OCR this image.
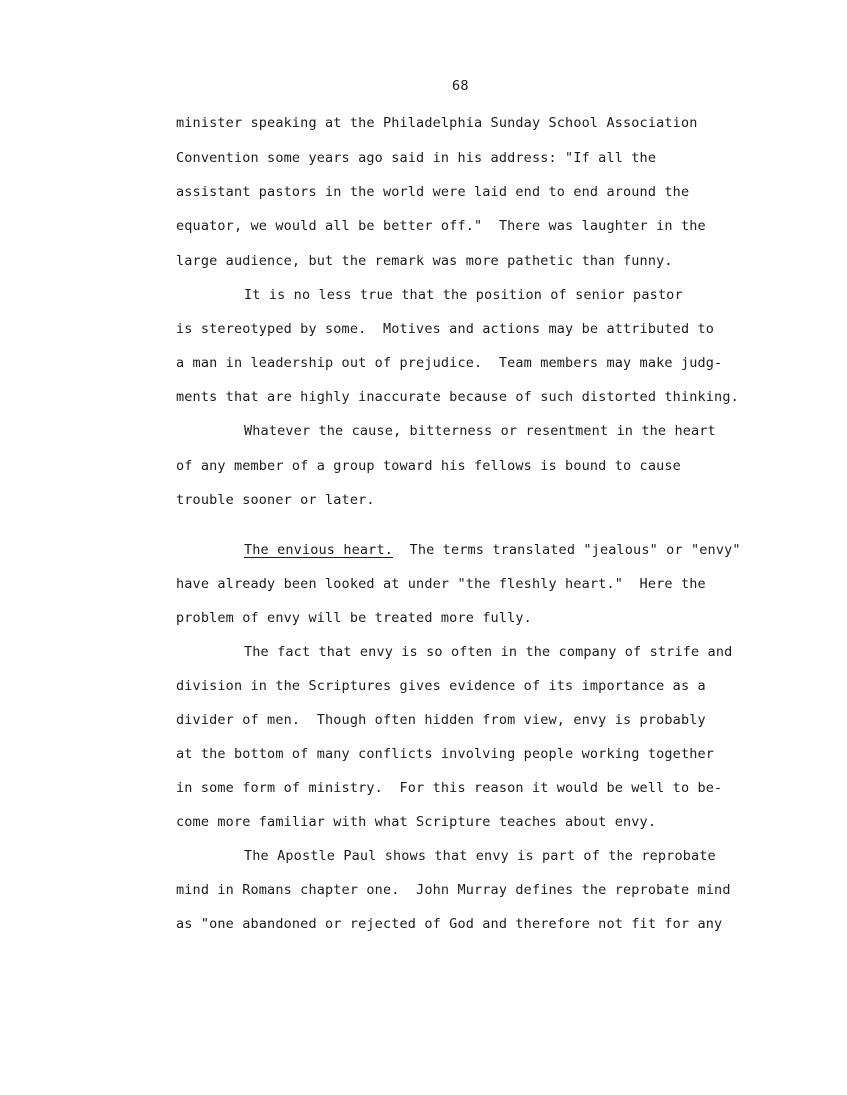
68
minister speaking at the Philadelphia Sunday School Association
Convention some years ago said in his address: "If all the
assistant pastors in the world were laid end to end around the
equator, we would all be better off."  There was laughter in the
large audience, but the remark was more pathetic than funny.
It is no less true that the position of senior pastor
is stereotyped by some.  Motives and actions may be attributed to
a man in leadership out of prejudice.  Team members may make judg-
ments that are highly inaccurate because of such distorted thinking.
Whatever the cause, bitterness or resentment in the heart
of any member of a group toward his fellows is bound to cause
trouble sooner or later.
The envious heart.  The terms translated "jealous" or "envy"
have already been looked at under "the fleshly heart."  Here the
problem of envy will be treated more fully.
The fact that envy is so often in the company of strife and
division in the Scriptures gives evidence of its importance as a
divider of men.  Though often hidden from view, envy is probably
at the bottom of many conflicts involving people working together
in some form of ministry.  For this reason it would be well to be-
come more familiar with what Scripture teaches about envy.
The Apostle Paul shows that envy is part of the reprobate
mind in Romans chapter one.  John Murray defines the reprobate mind
as "one abandoned or rejected of God and therefore not fit for any
